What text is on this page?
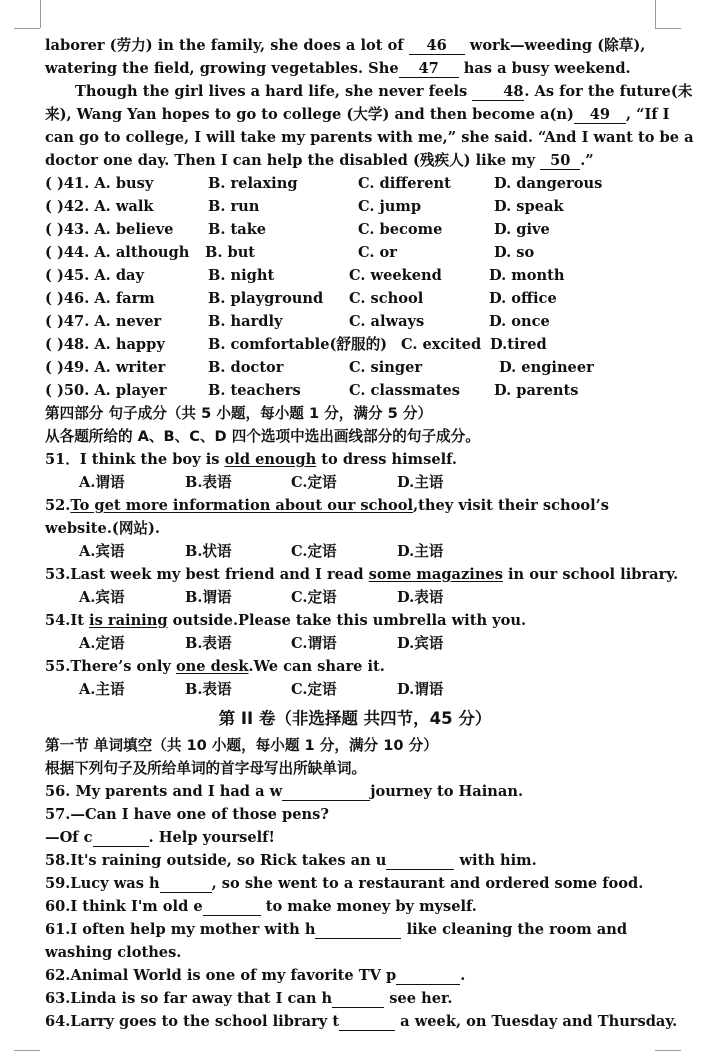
laborer (劳力) in the family, she does a lot of 46 work—weeding (除草),
watering the field, growing vegetables. She 47 has a busy weekend.
Though the girl lives a hard life, she never feels 48. As for the future(未
来), Wang Yan hopes to go to college (大学) and then become a(n) 49 , “If I
can go to college, I will take my parents with me,” she said. “And I want to be a
doctor one day. Then I can help the disabled (残疾人) like my 50 .”
( )41. A. busy	B. relaxing	C. different	D. dangerous
( )42. A. walk	B. run	C. jump	D. speak
( )43. A. believe	B. take	C. become	D. give
( )44. A. although	B. but	C. or	D. so
( )45. A. day	B. night	C. weekend	D. month
( )46. A. farm	B. playground	C. school	D. office
( )47. A. never	B. hardly	C. always	D. once
( )48. A. happy	B. comfortable(舒服的) C. excited D.tired
( )49. A. writer	B. doctor	C. singer	D. engineer
( )50. A. player	B. teachers	C. classmates	D. parents
第四部分 句子成分（共 5 小题，每小题 1 分，满分 5 分）
从各题所给的 A、B、C、D 四个选项中选出画线部分的句子成分。
51．I think the boy is old enough to dress himself.
A.谓语	B.表语	C.定语	D.主语
52.To get more information about our school,they visit their school’s website.(网站).
A.宾语	B.状语	C.定语	D.主语
53.Last week my best friend and I read some magazines in our school library.
A.宾语	B.谓语	C.定语	D.表语
54.It is raining outside.Please take this umbrella with you.
A.定语	B.表语	C.谓语	D.宾语
55.There’s only one desk.We can share it.
A.主语	B.表语	C.定语	D.谓语
第 II 卷（非选择题 共四节，45 分）
第一节 单词填空（共 10 小题，每小题 1 分，满分 10 分）
根据下列句子及所给单词的首字母写出所缺单词。
56. My parents and I had a w	journey to Hainan.
57.—Can I have one of those pens?
—Of c	. Help yourself!
58.It's raining outside, so Rick takes an u	with him.
59.Lucy was h	, so she went to a restaurant and ordered some food.
60.I think I'm old e	to make money by myself.
61.I often help my mother with h	like cleaning the room and washing clothes.
62.Animal World is one of my favorite TV p	.
63.Linda is so far away that I can h	see her.
64.Larry goes to the school library t	a week, on Tuesday and Thursday.
